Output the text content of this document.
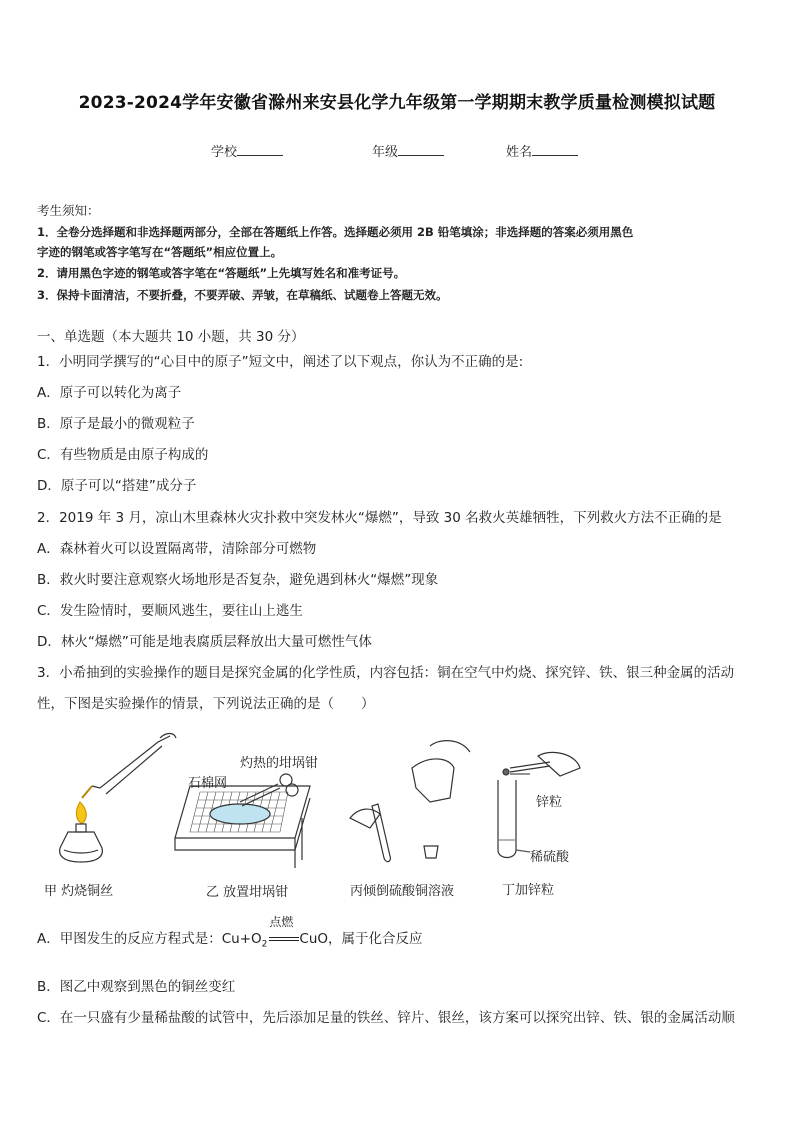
2023-2024学年安徽省滁州来安县化学九年级第一学期期末教学质量检测模拟试题
学校	年级	姓名
考生须知：
1．全卷分选择题和非选择题两部分，全部在答题纸上作答。选择题必须用 2B 铅笔填涂；非选择题的答案必须用黑色
字迹的钢笔或答字笔写在“答题纸”相应位置上。
2．请用黑色字迹的钢笔或答字笔在“答题纸”上先填写姓名和准考证号。
3．保持卡面清洁，不要折叠，不要弄破、弄皱，在草稿纸、试题卷上答题无效。
一、单选题（本大题共 10 小题，共 30 分）
1．小明同学撰写的“心目中的原子”短文中，阐述了以下观点，你认为不正确的是:
A．原子可以转化为离子
B．原子是最小的微观粒子
C．有些物质是由原子构成的
D．原子可以“搭建”成分子
2．2019 年 3 月，凉山木里森林火灾扑救中突发林火“爆燃”，导致 30 名救火英雄牺牲，下列救火方法不正确的是
A．森林着火可以设置隔离带，清除部分可燃物
B．救火时要注意观察火场地形是否复杂，避免遇到林火“爆燃”现象
C．发生险情时，要顺风逃生，要往山上逃生
D．林火“爆燃”可能是地表腐质层释放出大量可燃性气体
3．小希抽到的实验操作的题目是探究金属的化学性质，内容包括：铜在空气中灼烧、探究锌、铁、银三种金属的活动
性，下图是实验操作的情景，下列说法正确的是（　　）
灼热的坩埚钳
石棉网
锌粒
稀硫酸
甲 灼烧铜丝	乙 放置坩埚钳	丙倾倒硫酸铜溶液	丁加锌粒
A．甲图发生的反应方程式是：$Cu+O_2$
点燃
CuO，属于化合反应
B．图乙中观察到黑色的铜丝变红
C．在一只盛有少量稀盐酸的试管中，先后添加足量的铁丝、锌片、银丝，该方案可以探究出锌、铁、银的金属活动顺
